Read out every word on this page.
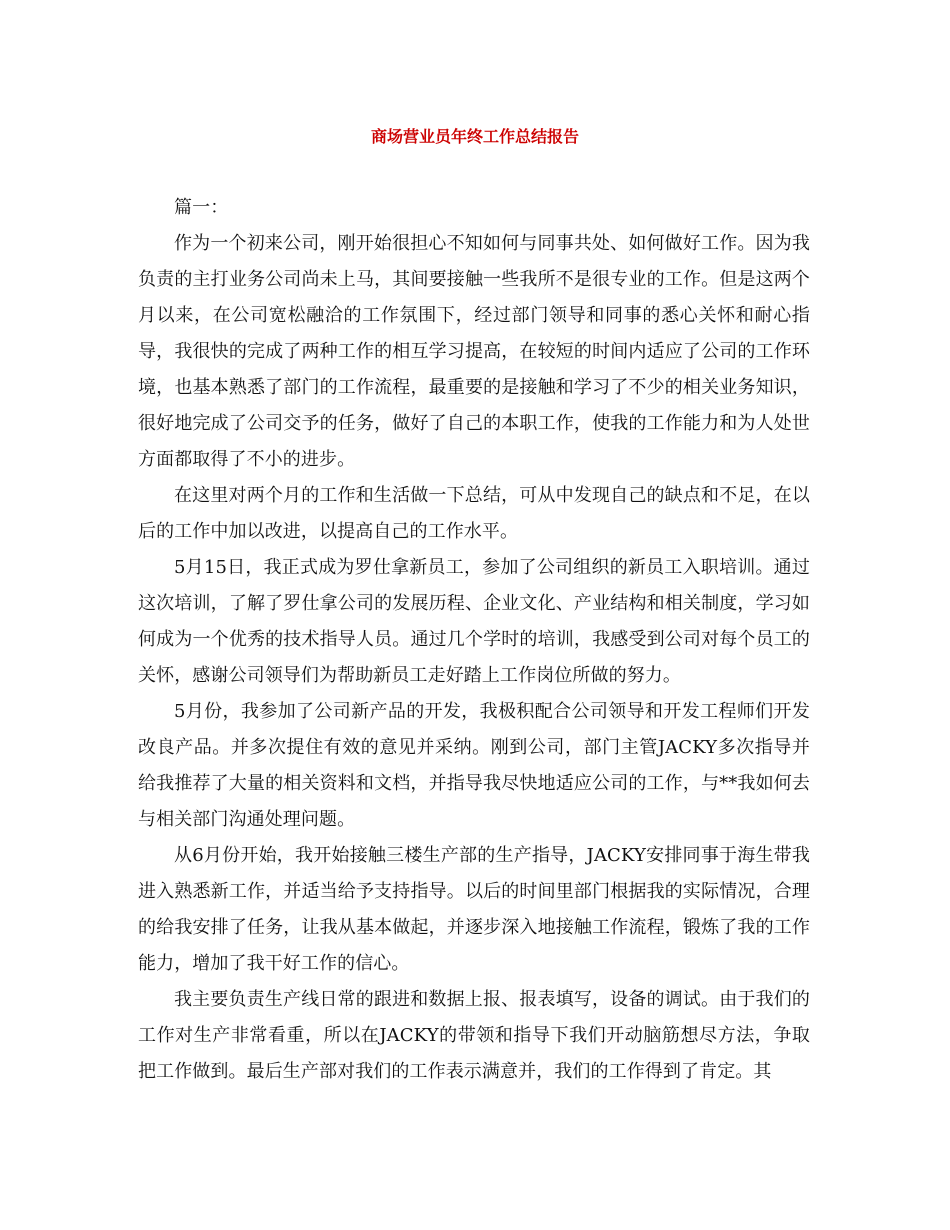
商场营业员年终工作总结报告

篇一：

作为一个初来公司，刚开始很担心不知如何与同事共处、如何做好工作。因为我负责的主打业务公司尚未上马，其间要接触一些我所不是很专业的工作。但是这两个月以来，在公司宽松融洽的工作氛围下，经过部门领导和同事的悉心关怀和耐心指导，我很快的完成了两种工作的相互学习提高，在较短的时间内适应了公司的工作环境，也基本熟悉了部门的工作流程，最重要的是接触和学习了不少的相关业务知识，很好地完成了公司交予的任务，做好了自己的本职工作，使我的工作能力和为人处世方面都取得了不小的进步。

在这里对两个月的工作和生活做一下总结，可从中发现自己的缺点和不足，在以后的工作中加以改进，以提高自己的工作水平。

5月15日，我正式成为罗仕拿新员工，参加了公司组织的新员工入职培训。通过这次培训，了解了罗仕拿公司的发展历程、企业文化、产业结构和相关制度，学习如何成为一个优秀的技术指导人员。通过几个学时的培训，我感受到公司对每个员工的关怀，感谢公司领导们为帮助新员工走好踏上工作岗位所做的努力。

5月份，我参加了公司新产品的开发，我极积配合公司领导和开发工程师们开发改良产品。并多次提住有效的意见并采纳。刚到公司，部门主管JACKY多次指导并给我推荐了大量的相关资料和文档，并指导我尽快地适应公司的工作，与**我如何去与相关部门沟通处理问题。

从6月份开始，我开始接触三楼生产部的生产指导，JACKY安排同事于海生带我进入熟悉新工作，并适当给予支持指导。以后的时间里部门根据我的实际情况，合理的给我安排了任务，让我从基本做起，并逐步深入地接触工作流程，锻炼了我的工作能力，增加了我干好工作的信心。

我主要负责生产线日常的跟进和数据上报、报表填写，设备的调试。由于我们的工作对生产非常看重，所以在JACKY的带领和指导下我们开动脑筋想尽方法，争取把工作做到。最后生产部对我们的工作表示满意并，我们的工作得到了肯定。其
